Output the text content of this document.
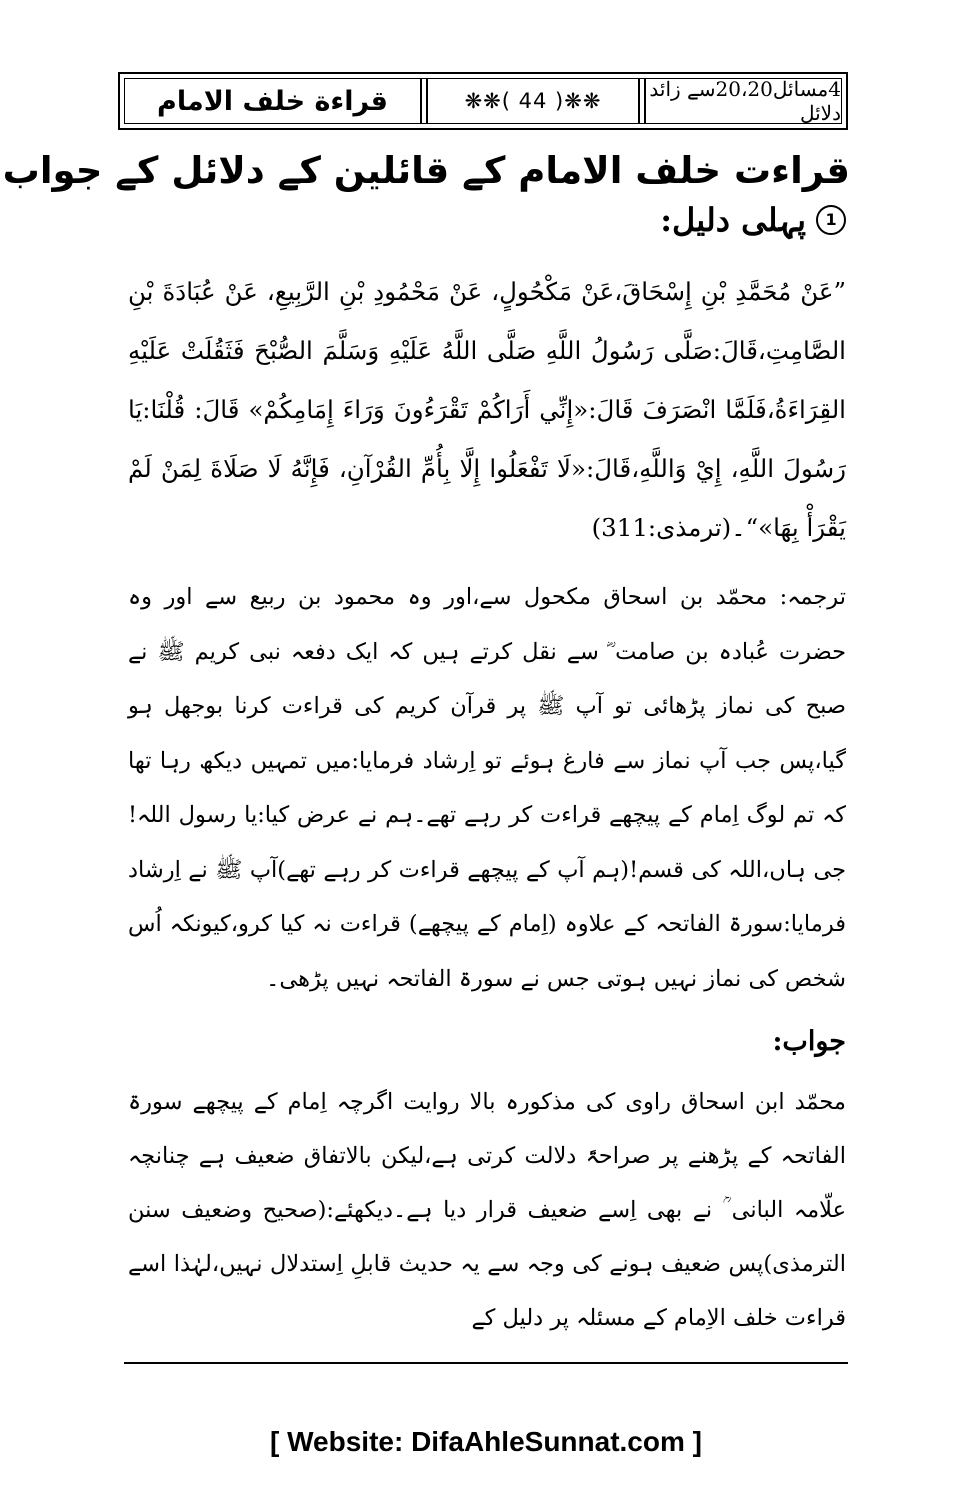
4مسائل20،20سے زائد دلائل
❋❋( 44 )❋❋
قراءة خلف الامام
قراءت خلف الامام کے قائلین کے دلائل کے جواب
1
پہلی دلیل:
”عَنْ مُحَمَّدِ بْنِ إِسْحَاقَ،عَنْ مَكْحُولٍ، عَنْ مَحْمُودِ بْنِ الرَّبِيعِ، عَنْ عُبَادَةَ بْنِ الصَّامِتِ،قَالَ:صَلَّى رَسُولُ اللَّهِ صَلَّى اللَّهُ عَلَيْهِ وَسَلَّمَ الصُّبْحَ فَثَقُلَتْ عَلَيْهِ القِرَاءَةُ،فَلَمَّا انْصَرَفَ قَالَ:«إِنِّي أَرَاكُمْ تَقْرَءُونَ وَرَاءَ إِمَامِكُمْ» قَالَ: قُلْنَا:يَا رَسُولَ اللَّهِ، إِيْ وَاللَّهِ،قَالَ:«لَا تَفْعَلُوا إِلَّا بِأُمِّ القُرْآنِ، فَإِنَّهُ لَا صَلَاةَ لِمَنْ لَمْ يَقْرَأْ بِهَا»“۔(ترمذی:311)
ترجمہ: محمّد بن اسحاق مکحول سے،اور وہ محمود بن ربیع سے اور وہ حضرت عُبادہ بن صامت ؓ سے نقل کرتے ہیں کہ ایک دفعہ نبی کریم ﷺ نے صبح کی نماز پڑھائی تو آپ ﷺ پر قرآن کریم کی قراءت کرنا بوجھل ہو گیا،پس جب آپ نماز سے فارغ ہوئے تو اِرشاد فرمایا:میں تمہیں دیکھ رہا تھا کہ تم لوگ اِمام کے پیچھے قراءت کر رہے تھے۔ہم نے عرض کیا:یا رسول اللہ!جی ہاں،اللہ کی قسم!(ہم آپ کے پیچھے قراءت کر رہے تھے)آپ ﷺ نے اِرشاد فرمایا:سورۃ الفاتحہ کے علاوہ (اِمام کے پیچھے) قراءت نہ کیا کرو،کیونکہ اُس شخص کی نماز نہیں ہوتی جس نے سورۃ الفاتحہ نہیں پڑھی۔
جواب:
محمّد ابن اسحاق راوی کی مذکورہ بالا روایت اگرچہ اِمام کے پیچھے سورۃ الفاتحہ کے پڑھنے پر صراحۃً دلالت کرتی ہے،لیکن بالاتفاق ضعیف ہے چنانچہ علّامہ البانی ؒ نے بھی اِسے ضعیف قرار دیا ہے۔دیکھئے:(صحیح وضعیف سنن الترمذی)پس ضعیف ہونے کی وجہ سے یہ حدیث قابلِ اِستدلال نہیں،لہٰذا اسے قراءت خلف الاِمام کے مسئلہ پر دلیل کے
[ Website: DifaAhleSunnat.com ]
